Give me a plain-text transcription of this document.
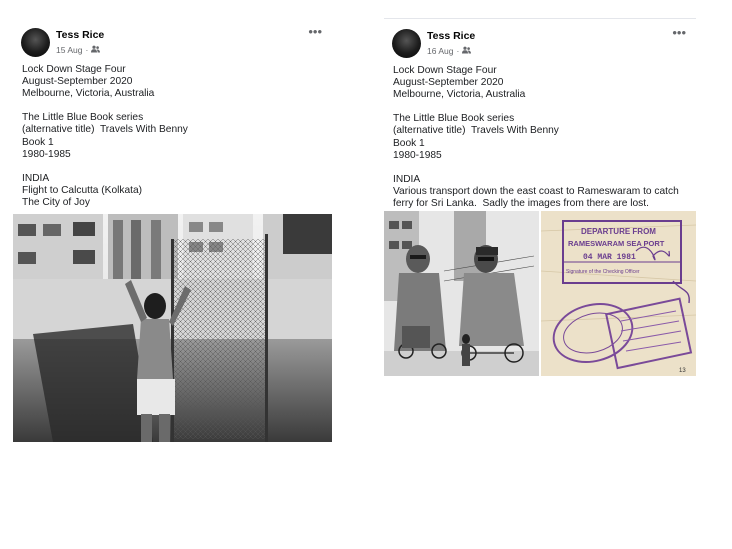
Tess Rice
15 Aug ·
•••
Lock Down Stage Four
August-September 2020
Melbourne, Victoria, Australia
The Little Blue Book series
(alternative title)  Travels With Benny
Book 1
1980-1985
INDIA
Flight to Calcutta (Kolkata)
The City of Joy
Tess Rice
16 Aug ·
•••
Lock Down Stage Four
August-September 2020
Melbourne, Victoria, Australia
The Little Blue Book series
(alternative title)  Travels With Benny
Book 1
1980-1985
INDIA
Various transport down the east coast to Rameswaram to catch ferry for Sri Lanka.  Sadly the images from there are lost.
DEPARTURE FROM
RAMESWARAM SEA PORT
04 MAR 1981
Signature of the Checking Officer
13
